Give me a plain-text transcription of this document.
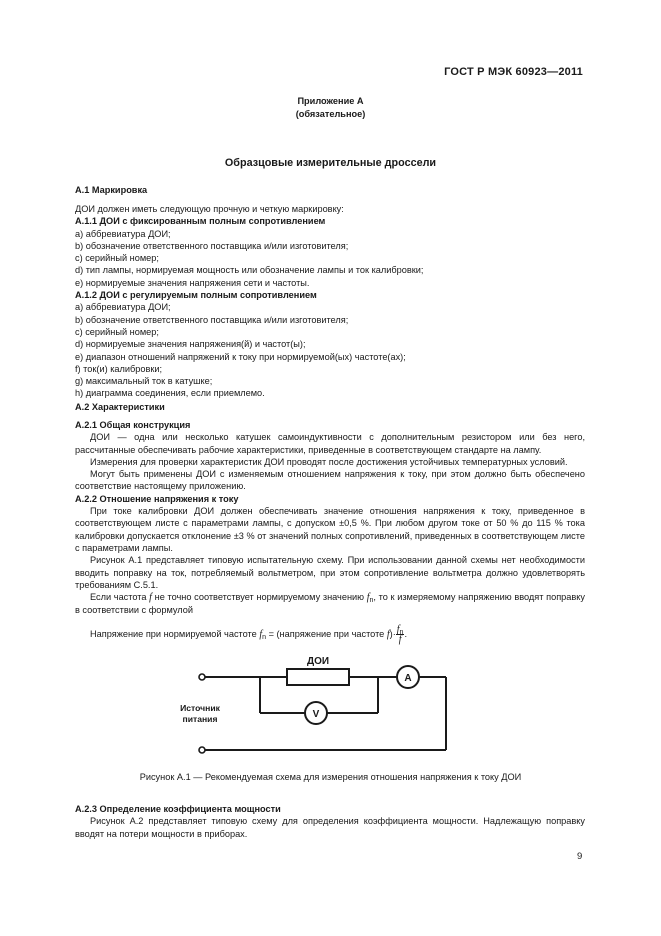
ГОСТ Р МЭК 60923—2011
Приложение А
(обязательное)
Образцовые измерительные дроссели

А.1 Маркировка

ДОИ должен иметь следующую прочную и четкую маркировку:

А.1.1 ДОИ с фиксированным полным сопротивлением

а) аббревиатура ДОИ;

b) обозначение ответственного поставщика и/или изготовителя;

с) серийный номер;

d) тип лампы, нормируемая мощность или обозначение лампы и ток калибровки;

е) нормируемые значения напряжения сети и частоты.

А.1.2 ДОИ с регулируемым полным сопротивлением

а) аббревиатура ДОИ;

b) обозначение ответственного поставщика и/или изготовителя;

с) серийный номер;

d) нормируемые значения напряжения(й) и частот(ы);

е) диапазон отношений напряжений к току при нормируемой(ых) частоте(ах);

f) ток(и) калибровки;

g) максимальный ток в катушке;

h) диаграмма соединения, если приемлемо.

А.2 Характеристики

А.2.1 Общая конструкция

ДОИ — одна или несколько катушек самоиндуктивности с дополнительным резистором или без него, рассчитанные обеспечивать рабочие характеристики, приведенные в соответствующем стандарте на лампу.

Измерения для проверки характеристик ДОИ проводят после достижения устойчивых температурных условий.

Могут быть применены ДОИ с изменяемым отношением напряжения к току, при этом должно быть обеспечено соответствие настоящему приложению.

А.2.2 Отношение напряжения к току

При токе калибровки ДОИ должен обеспечивать значение отношения напряжения к току, приведенное в соответствующем листе с параметрами лампы, с допуском ±0,5 %. При любом другом токе от 50 % до 115 % тока калибровки допускается отклонение ±3 % от значений полных сопротивлений, приведенных в соответствующем листе с параметрами лампы.

Рисунок А.1 представляет типовую испытательную схему. При использовании данной схемы нет необходимости вводить поправку на ток, потребляемый вольтметром, при этом сопротивление вольтметра должно удовлетворять требованиям С.5.1.

Если частота f не точно соответствует нормируемому значению $f_n$, то к измеряемому напряжению вводят поправку в соответствии с формулой

Напряжение при нормируемой частоте $f_n$ = (напряжение при частоте $f)\cdot \frac{f_n}{f}$ .
ДОИ
А
V
Источник
питания
Рисунок А.1 — Рекомендуемая схема для измерения отношения напряжения к току ДОИ

А.2.3 Определение коэффициента мощности

Рисунок А.2 представляет типовую схему для определения коэффициента мощности. Надлежащую поправку вводят на потери мощности в приборах.

9
